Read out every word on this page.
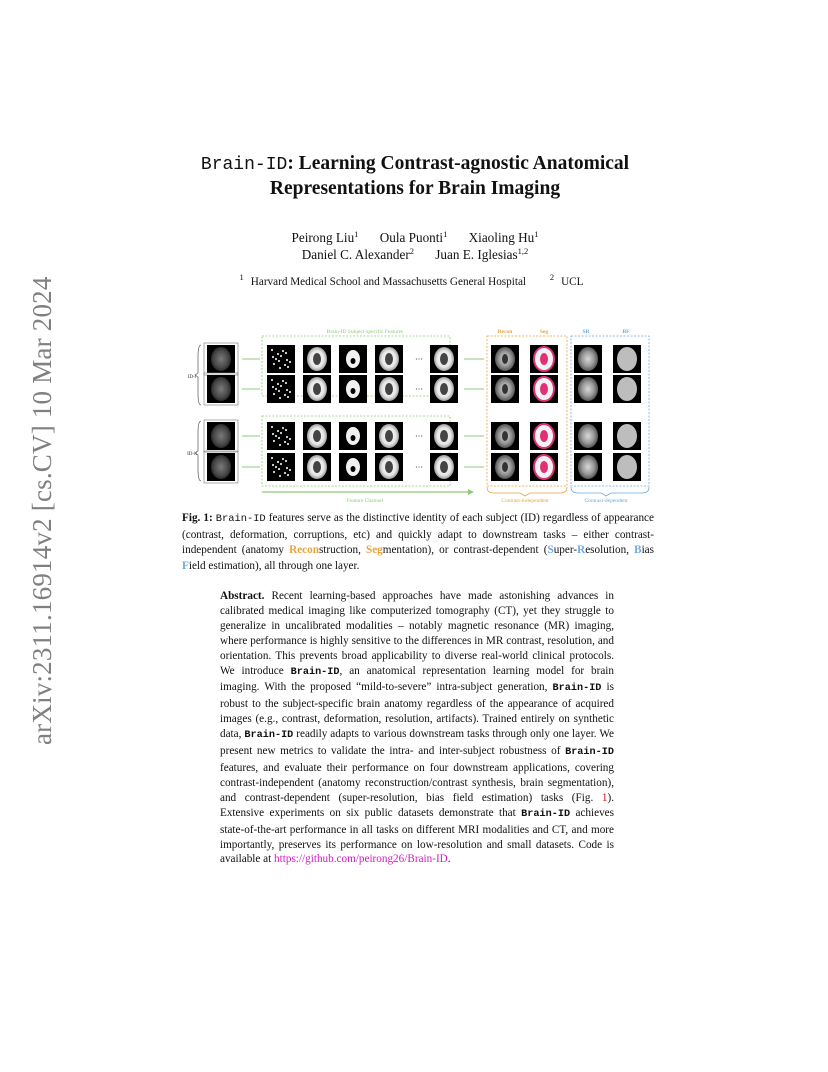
arXiv:2311.16914v2 [cs.CV] 10 Mar 2024
Brain-ID: Learning Contrast-agnostic Anatomical
Representations for Brain Imaging
Peirong Liu$^1$ Oula Puonti$^1$ Xiaoling Hu$^1$
Daniel C. Alexander$^2$ Juan E. Iglesias$^{1,2}$
$^1$ Harvard Medical School and Massachusetts General Hospital	$^2$ UCL
···
···
···
···
Brain-ID Subject-specific Features	Recon	Seg	SR	BF
ID-i
ID-ii
Feature Channel	Contrast-independent	Contrast-dependent
Fig. 1: Brain-ID features serve as the distinctive identity of each subject (ID) regardless of appearance (contrast, deformation, corruptions, etc) and quickly adapt to downstream tasks – either contrast-independent (anatomy Reconstruction, Segmentation), or contrast-dependent (Super-Resolution, Bias Field estimation), all through one layer.
Abstract. Recent learning-based approaches have made astonishing advances in calibrated medical imaging like computerized tomography (CT), yet they struggle to generalize in uncalibrated modalities – notably magnetic resonance (MR) imaging, where performance is highly sensitive to the differences in MR contrast, resolution, and orientation. This prevents broad applicability to diverse real-world clinical protocols. We introduce Brain-ID, an anatomical representation learning model for brain imaging. With the proposed “mild-to-severe” intra-subject generation, Brain-ID is robust to the subject-specific brain anatomy regardless of the appearance of acquired images (e.g., contrast, deformation, resolution, artifacts). Trained entirely on synthetic data, Brain-ID readily adapts to various downstream tasks through only one layer. We present new metrics to validate the intra- and inter-subject robustness of Brain-ID features, and evaluate their performance on four downstream applications, covering contrast-independent (anatomy reconstruction/contrast synthesis, brain segmentation), and contrast-dependent (super-resolution, bias field estimation) tasks (Fig. 1). Extensive experiments on six public datasets demonstrate that Brain-ID achieves state-of-the-art performance in all tasks on different MRI modalities and CT, and more importantly, preserves its performance on low-resolution and small datasets. Code is available at https://github.com/peirong26/Brain-ID.
